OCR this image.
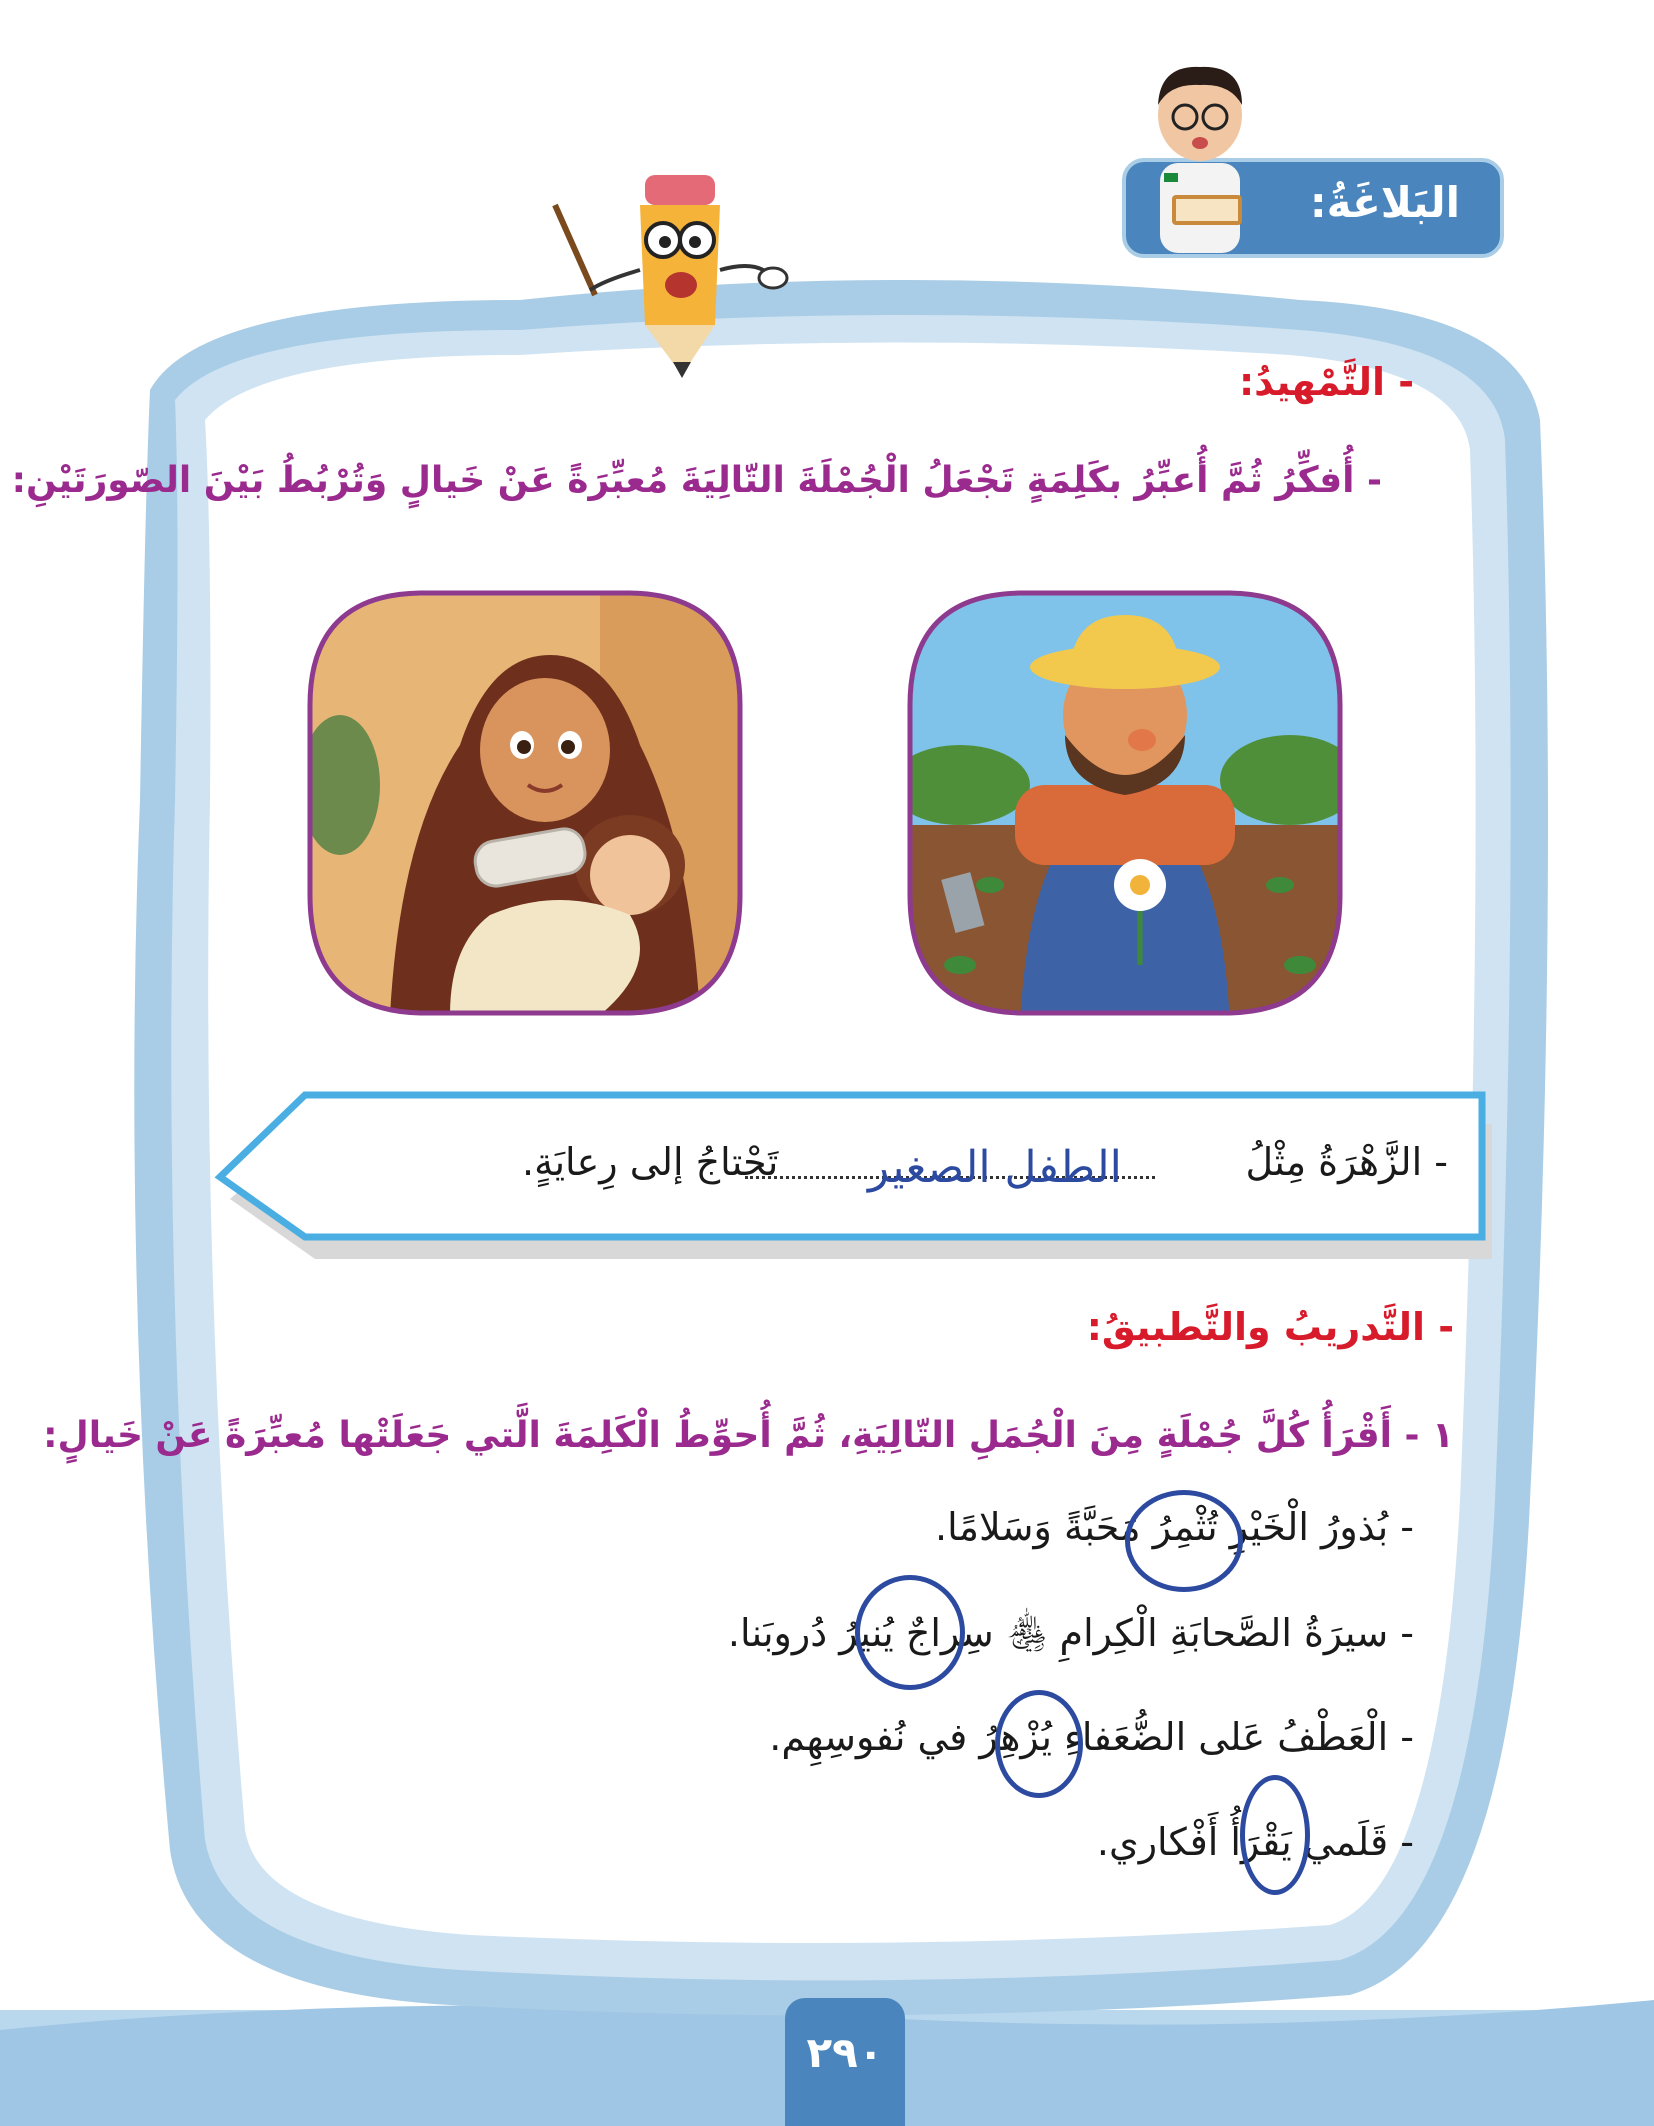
البَلاغَةُ:
- التَّمْهيدُ:
- أُفكِّرُ ثُمَّ أُعبِّرُ بكَلِمَةٍ تَجْعَلُ الْجُمْلَةَ التّالِيَةَ مُعبِّرَةً عَنْ خَيالٍ وَتُرْبُطُ بَيْنَ الصّورَتَيْنِ:
- الزَّهْرَةُ مِثْلُ
الطفل الصغير
تَحْتاجُ إلى رِعايَةٍ.
- التَّدريبُ والتَّطبيقُ:
١ - أَقْرَأُ كُلَّ جُمْلَةٍ مِنَ الْجُمَلِ التّالِيَةِ، ثُمَّ أُحوِّطُ الْكَلِمَةَ الَّتي جَعَلَتْها مُعبِّرَةً عَنْ خَيالٍ:
- بُذورُ الْخَيْرِ تُثْمِرُ مَحَبَّةً وَسَلامًا.
- سيرَةُ الصَّحابَةِ الْكِرامِ ﵃ سِراجٌ يُنيرُ دُروبَنا.
- الْعَطْفُ عَلى الضُّعَفاءِ يُزْهِرُ في نُفوسِهِم.
- قَلَمي يَقْرَأُ أَفْكاري.
٢٩٠
